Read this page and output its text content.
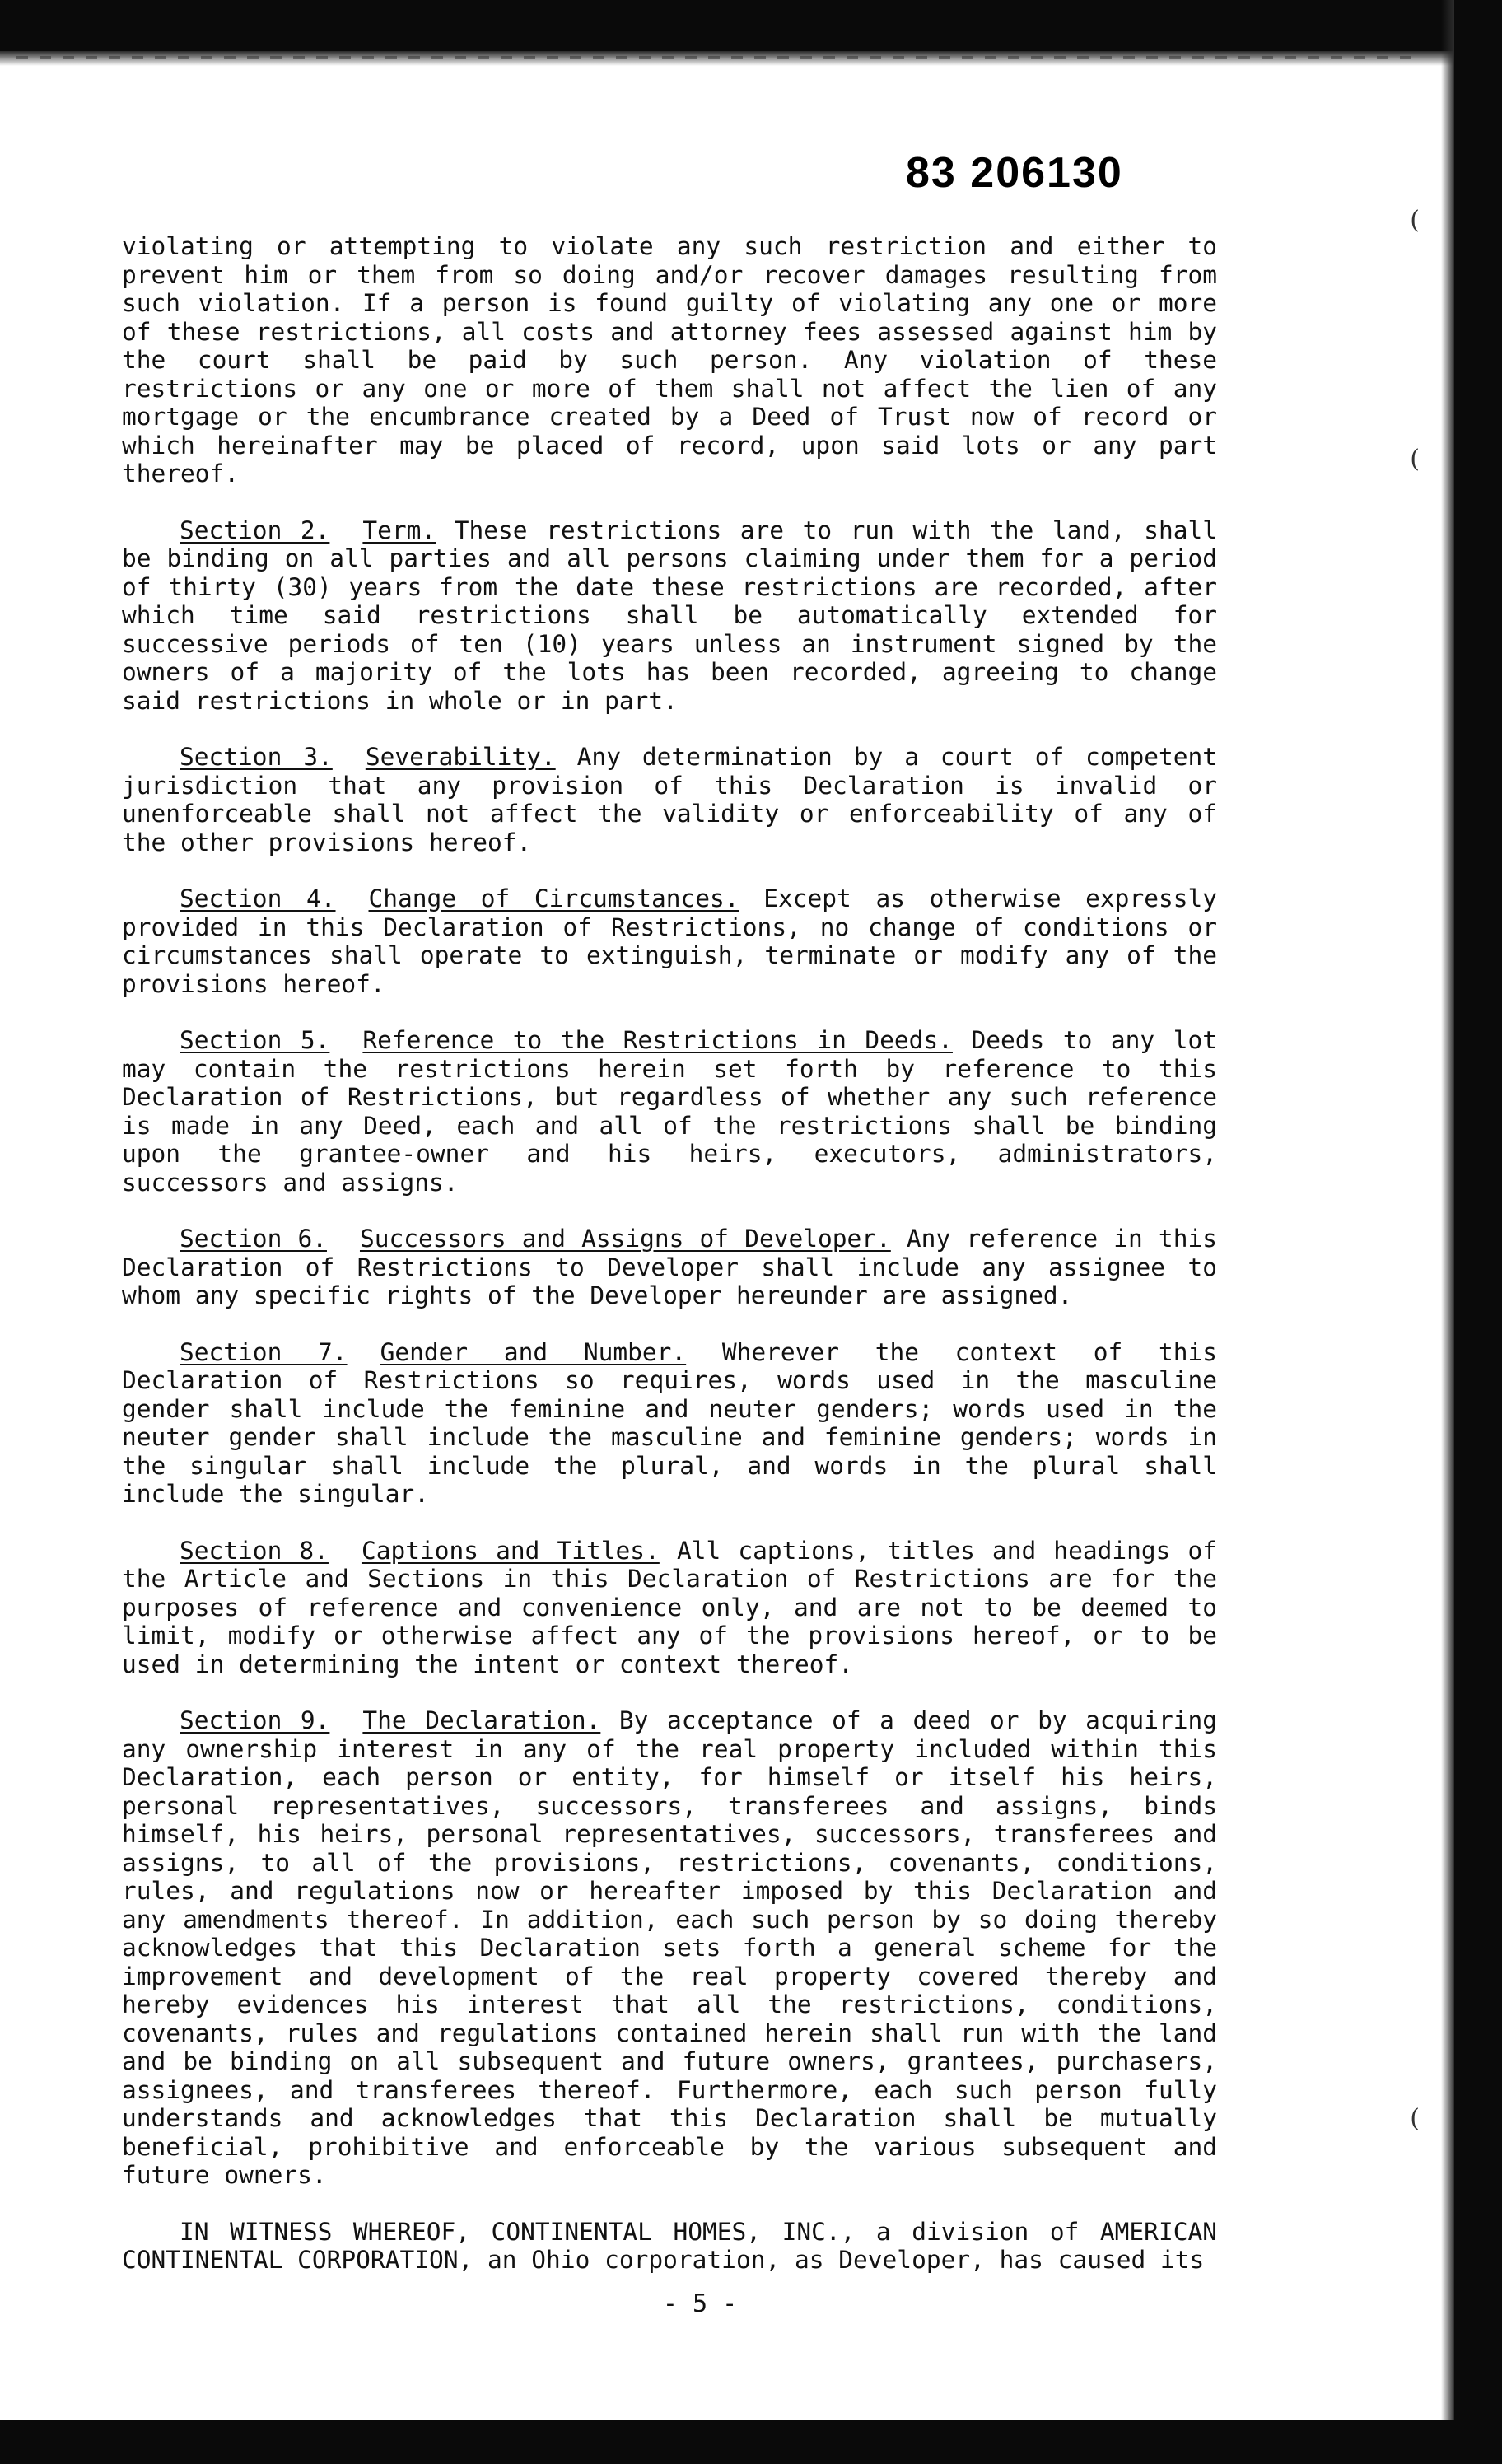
(
(
(
83 206130

violating or attempting to violate any such restriction and either to prevent him or them from so doing and/or recover damages resulting from such violation. If a person is found guilty of violating any one or more of these restrictions, all costs and attorney fees assessed against him by the court shall be paid by such person. Any violation of these restrictions or any one or more of them shall not affect the lien of any mortgage or the encumbrance created by a Deed of Trust now of record or which hereinafter may be placed of record, upon said lots or any part thereof.

Section 2. Term. These restrictions are to run with the land, shall be binding on all parties and all persons claiming under them for a period of thirty (30) years from the date these restrictions are recorded, after which time said restrictions shall be automatically extended for successive periods of ten (10) years unless an instrument signed by the owners of a majority of the lots has been recorded, agreeing to change said restrictions in whole or in part.

Section 3. Severability. Any determination by a court of competent jurisdiction that any provision of this Declaration is invalid or unenforceable shall not affect the validity or enforceability of any of the other provisions hereof.

Section 4. Change of Circumstances. Except as otherwise expressly provided in this Declaration of Restrictions, no change of conditions or circumstances shall operate to extinguish, terminate or modify any of the provisions hereof.

Section 5. Reference to the Restrictions in Deeds. Deeds to any lot may contain the restrictions herein set forth by reference to this Declaration of Restrictions, but regardless of whether any such reference is made in any Deed, each and all of the restrictions shall be binding upon the grantee-owner and his heirs, executors, administrators, successors and assigns.

Section 6. Successors and Assigns of Developer. Any reference in this Declaration of Restrictions to Developer shall include any assignee to whom any specific rights of the Developer hereunder are assigned.

Section 7. Gender and Number. Wherever the context of this Declaration of Restrictions so requires, words used in the masculine gender shall include the feminine and neuter genders; words used in the neuter gender shall include the masculine and feminine genders; words in the singular shall include the plural, and words in the plural shall include the singular.

Section 8. Captions and Titles. All captions, titles and headings of the Article and Sections in this Declaration of Restrictions are for the purposes of reference and convenience only, and are not to be deemed to limit, modify or otherwise affect any of the provisions hereof, or to be used in determining the intent or context thereof.

Section 9. The Declaration. By acceptance of a deed or by acquiring any ownership interest in any of the real property included within this Declaration, each person or entity, for himself or itself his heirs, personal representatives, successors, transferees and assigns, binds himself, his heirs, personal representatives, successors, transferees and assigns, to all of the provisions, restrictions, covenants, conditions, rules, and regulations now or hereafter imposed by this Declaration and any amendments thereof. In addition, each such person by so doing thereby acknowledges that this Declaration sets forth a general scheme for the improvement and development of the real property covered thereby and hereby evidences his interest that all the restrictions, conditions, covenants, rules and regulations contained herein shall run with the land and be binding on all subsequent and future owners, grantees, purchasers, assignees, and transferees thereof. Furthermore, each such person fully understands and acknowledges that this Declaration shall be mutually beneficial, prohibitive and enforceable by the various subsequent and future owners.

IN WITNESS WHEREOF, CONTINENTAL HOMES, INC., a division of AMERICAN CONTINENTAL CORPORATION, an Ohio corporation, as Developer, has caused its

- 5 -
